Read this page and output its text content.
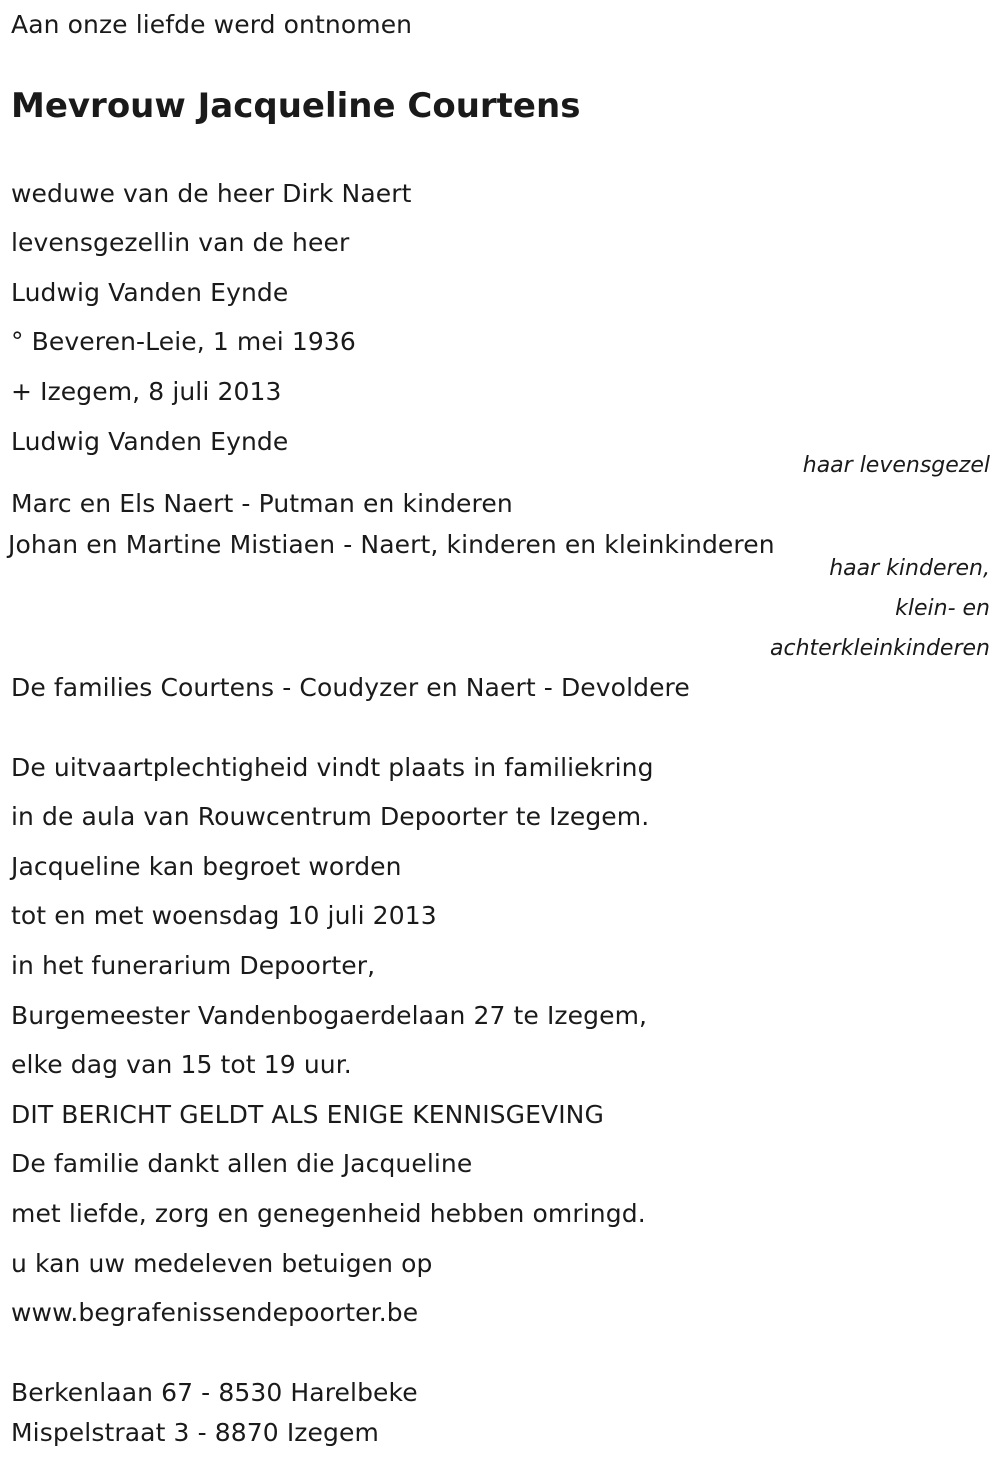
Aan onze liefde werd ontnomen
Mevrouw Jacqueline Courtens
weduwe van de heer Dirk Naert
levensgezellin van de heer
Ludwig Vanden Eynde
° Beveren-Leie, 1 mei 1936
+ Izegem, 8 juli 2013
Ludwig Vanden Eynde
haar levensgezel
Marc en Els Naert - Putman en kinderen
Johan en Martine Mistiaen - Naert, kinderen en kleinkinderen
haar kinderen,
klein- en
achterkleinkinderen
De families Courtens - Coudyzer en Naert - Devoldere
De uitvaartplechtigheid vindt plaats in familiekring
in de aula van Rouwcentrum Depoorter te Izegem.
Jacqueline kan begroet worden
tot en met woensdag 10 juli 2013
in het funerarium Depoorter,
Burgemeester Vandenbogaerdelaan 27 te Izegem,
elke dag van 15 tot 19 uur.
DIT BERICHT GELDT ALS ENIGE KENNISGEVING
De familie dankt allen die Jacqueline
met liefde, zorg en genegenheid hebben omringd.
u kan uw medeleven betuigen op
www.begrafenissendepoorter.be
Berkenlaan 67 - 8530 Harelbeke
Mispelstraat 3 - 8870 Izegem
